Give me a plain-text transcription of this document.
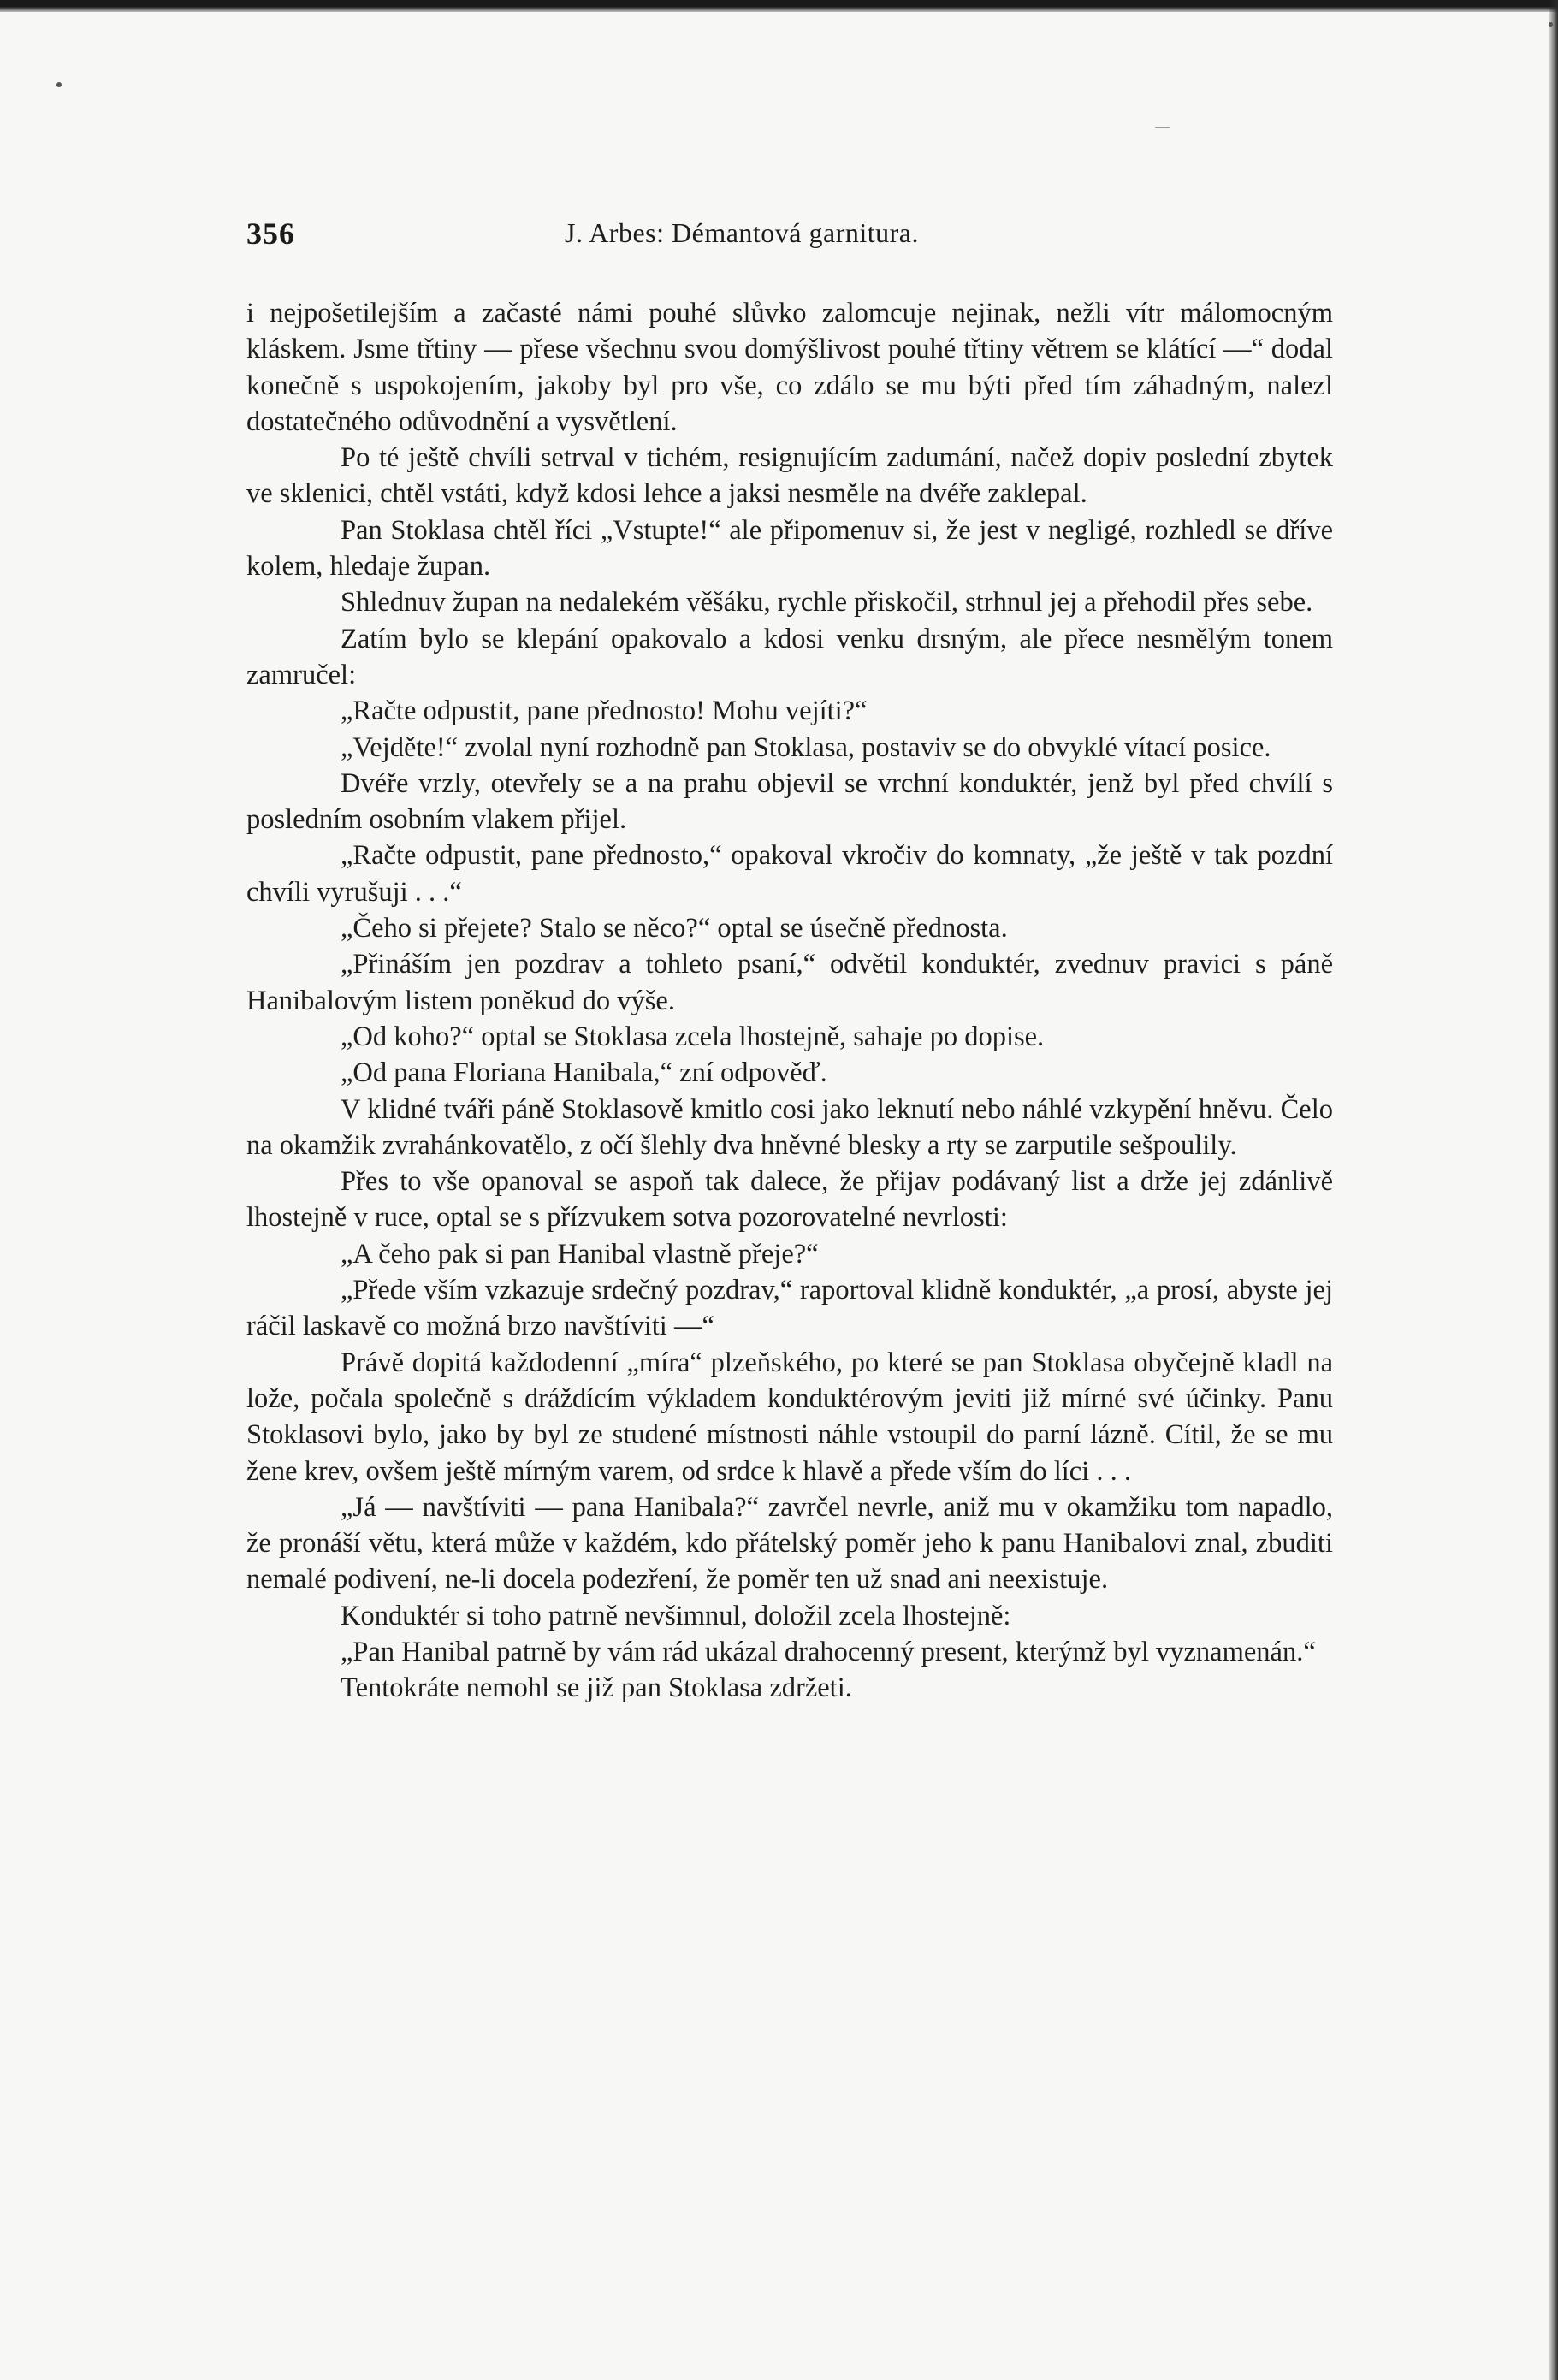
356	J. Arbes: Démantová garnitura.

i nejpošetilejším a začasté námi pouhé slůvko zalomcuje nejinak, nežli vítr málomocným kláskem. Jsme třtiny — přese všechnu svou domýšlivost pouhé třtiny větrem se klátící —“ dodal konečně s uspokojením, jakoby byl pro vše, co zdálo se mu býti před tím záhadným, nalezl dostatečného odůvodnění a vysvětlení.

Po té ještě chvíli setrval v tichém, resignujícím zadumání, načež dopiv poslední zbytek ve sklenici, chtěl vstáti, když kdosi lehce a jaksi nesměle na dvéře zaklepal.

Pan Stoklasa chtěl říci „Vstupte!“ ale připomenuv si, že jest v negligé, rozhledl se dříve kolem, hledaje župan.

Shlednuv župan na nedalekém věšáku, rychle přiskočil, strhnul jej a přehodil přes sebe.

Zatím bylo se klepání opakovalo a kdosi venku drsným, ale přece nesmělým tonem zamručel:

„Račte odpustit, pane přednosto! Mohu vejíti?“

„Vejděte!“ zvolal nyní rozhodně pan Stoklasa, postaviv se do obvyklé vítací posice.

Dvéře vrzly, otevřely se a na prahu objevil se vrchní konduktér, jenž byl před chvílí s posledním osobním vlakem přijel.

„Račte odpustit, pane přednosto,“ opakoval vkročiv do komnaty, „že ještě v tak pozdní chvíli vyrušuji . . .“

„Čeho si přejete? Stalo se něco?“ optal se úsečně přednosta.

„Přináším jen pozdrav a tohleto psaní,“ odvětil konduktér, zvednuv pravici s páně Hanibalovým listem poněkud do výše.

„Od koho?“ optal se Stoklasa zcela lhostejně, sahaje po dopise.

„Od pana Floriana Hanibala,“ zní odpověď.

V klidné tváři páně Stoklasově kmitlo cosi jako leknutí nebo náhlé vzkypění hněvu. Čelo na okamžik zvrahánkovatělo, z očí šlehly dva hněvné blesky a rty se zarputile sešpoulily.

Přes to vše opanoval se aspoň tak dalece, že přijav podávaný list a drže jej zdánlivě lhostejně v ruce, optal se s přízvukem sotva pozorovatelné nevrlosti:

„A čeho pak si pan Hanibal vlastně přeje?“

„Přede vším vzkazuje srdečný pozdrav,“ raportoval klidně konduktér, „a prosí, abyste jej ráčil laskavě co možná brzo navštíviti —“

Právě dopitá každodenní „míra“ plzeňského, po které se pan Stoklasa obyčejně kladl na lože, počala společně s dráždícím výkladem konduktérovým jeviti již mírné své účinky. Panu Stoklasovi bylo, jako by byl ze studené místnosti náhle vstoupil do parní lázně. Cítil, že se mu žene krev, ovšem ještě mírným varem, od srdce k hlavě a přede vším do líci . . .

„Já — navštíviti — pana Hanibala?“ zavrčel nevrle, aniž mu v okamžiku tom napadlo, že pronáší větu, která může v každém, kdo přátelský poměr jeho k panu Hanibalovi znal, zbuditi nemalé podivení, ne-li docela podezření, že poměr ten už snad ani neexistuje.

Konduktér si toho patrně nevšimnul, doložil zcela lhostejně:

„Pan Hanibal patrně by vám rád ukázal drahocenný present, kterýmž byl vyznamenán.“

Tentokráte nemohl se již pan Stoklasa zdržeti.
